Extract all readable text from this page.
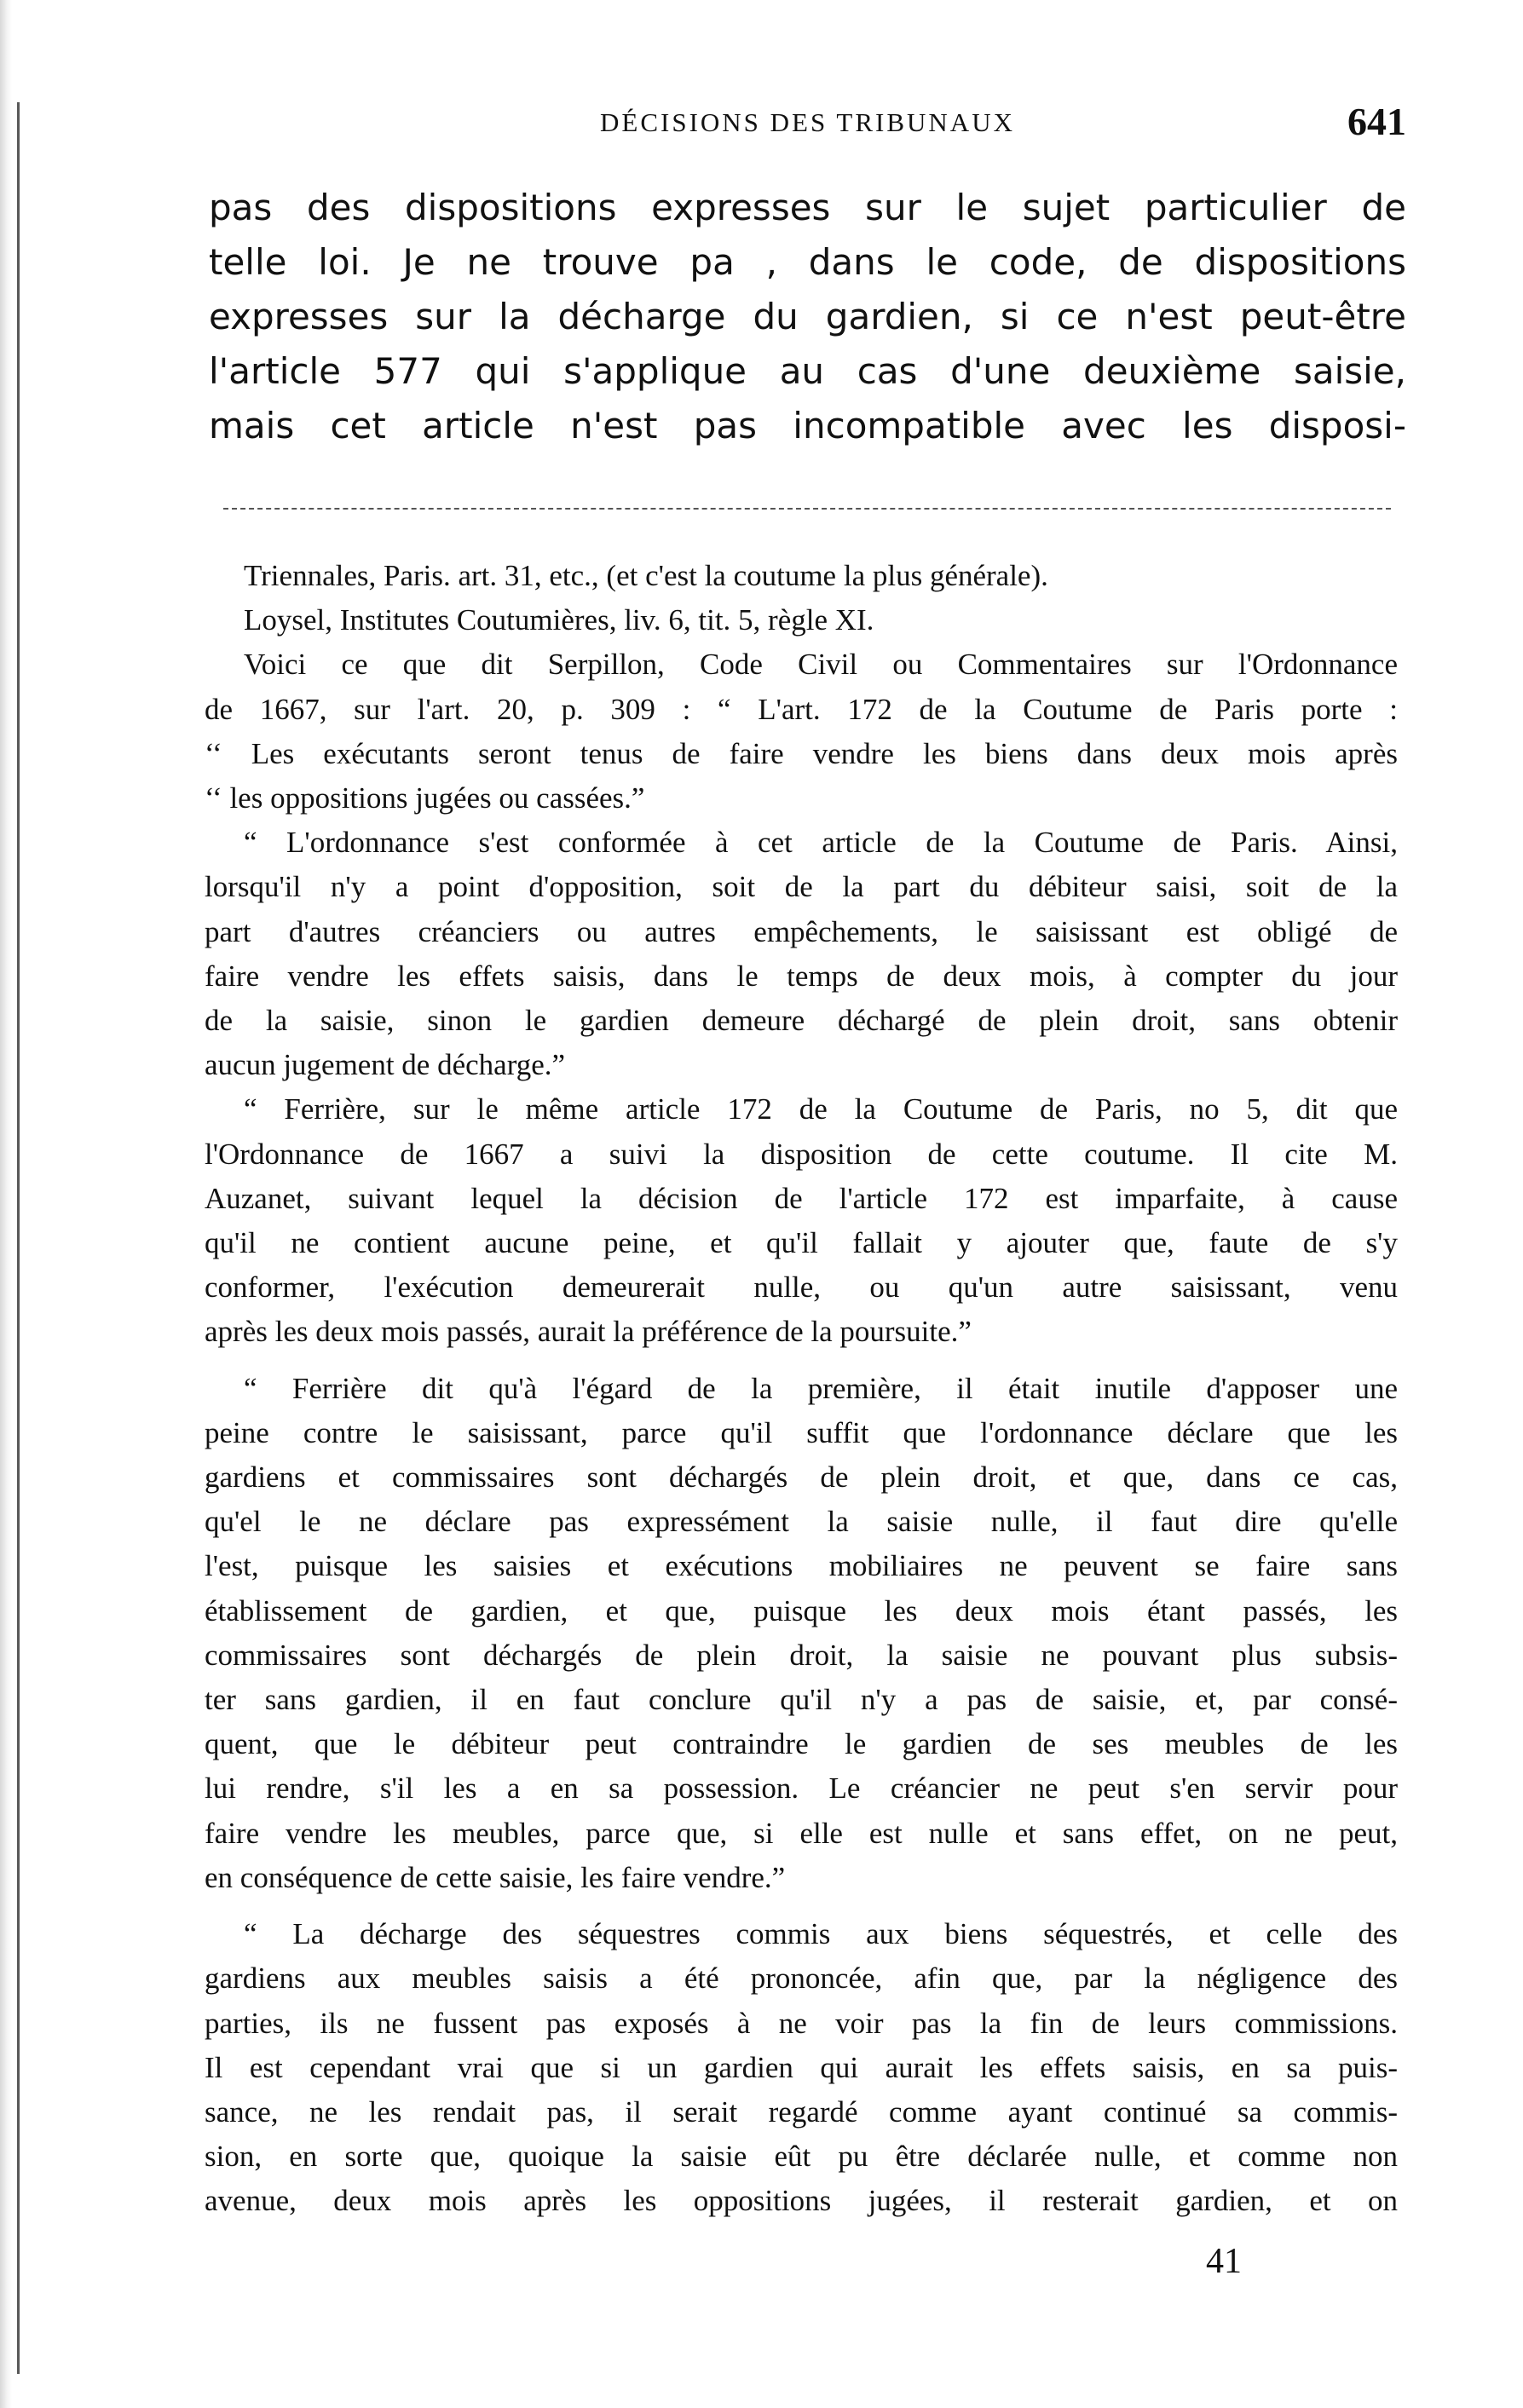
DÉCISIONS DES TRIBUNAUX	641
pas des dispositions expresses sur le sujet particulier de
telle loi. Je ne trouve pa , dans le code, de dispositions
expresses sur la décharge du gardien, si ce n'est peut-être
l'article 577 qui s'applique au cas d'une deuxième saisie,
mais cet article n'est pas incompatible avec les disposi-
Triennales, Paris. art. 31, etc., (et c'est la coutume la plus générale).
Loysel, Institutes Coutumières, liv. 6, tit. 5, règle XI.
Voici ce que dit Serpillon, Code Civil ou Commentaires sur l'Ordonnance
de 1667, sur l'art. 20, p. 309 : “ L'art. 172 de la Coutume de Paris porte :
‘‘ Les exécutants seront tenus de faire vendre les biens dans deux mois après
‘‘ les oppositions jugées ou cassées.”
“ L'ordonnance s'est conformée à cet article de la Coutume de Paris. Ainsi,
lorsqu'il n'y a point d'opposition, soit de la part du débiteur saisi, soit de la
part d'autres créanciers ou autres empêchements, le saisissant est obligé de
faire vendre les effets saisis, dans le temps de deux mois, à compter du jour
de la saisie, sinon le gardien demeure déchargé de plein droit, sans obtenir
aucun jugement de décharge.”
“ Ferrière, sur le même article 172 de la Coutume de Paris, no 5, dit que
l'Ordonnance de 1667 a suivi la disposition de cette coutume. Il cite M.
Auzanet, suivant lequel la décision de l'article 172 est imparfaite, à cause
qu'il ne contient aucune peine, et qu'il fallait y ajouter que, faute de s'y
conformer, l'exécution demeurerait nulle, ou qu'un autre saisissant, venu
après les deux mois passés, aurait la préférence de la poursuite.”
“ Ferrière dit qu'à l'égard de la première, il était inutile d'apposer une
peine contre le saisissant, parce qu'il suffit que l'ordonnance déclare que les
gardiens et commissaires sont déchargés de plein droit, et que, dans ce cas,
qu'el le ne déclare pas expressément la saisie nulle, il faut dire qu'elle
l'est, puisque les saisies et exécutions mobiliaires ne peuvent se faire sans
établissement de gardien, et que, puisque les deux mois étant passés, les
commissaires sont déchargés de plein droit, la saisie ne pouvant plus subsis-
ter sans gardien, il en faut conclure qu'il n'y a pas de saisie, et, par consé-
quent, que le débiteur peut contraindre le gardien de ses meubles de les
lui rendre, s'il les a en sa possession. Le créancier ne peut s'en servir pour
faire vendre les meubles, parce que, si elle est nulle et sans effet, on ne peut,
en conséquence de cette saisie, les faire vendre.”
“ La décharge des séquestres commis aux biens séquestrés, et celle des
gardiens aux meubles saisis a été prononcée, afin que, par la négligence des
parties, ils ne fussent pas exposés à ne voir pas la fin de leurs commissions.
Il est cependant vrai que si un gardien qui aurait les effets saisis, en sa puis-
sance, ne les rendait pas, il serait regardé comme ayant continué sa commis-
sion, en sorte que, quoique la saisie eût pu être déclarée nulle, et comme non
avenue, deux mois après les oppositions jugées, il resterait gardien, et on
41
